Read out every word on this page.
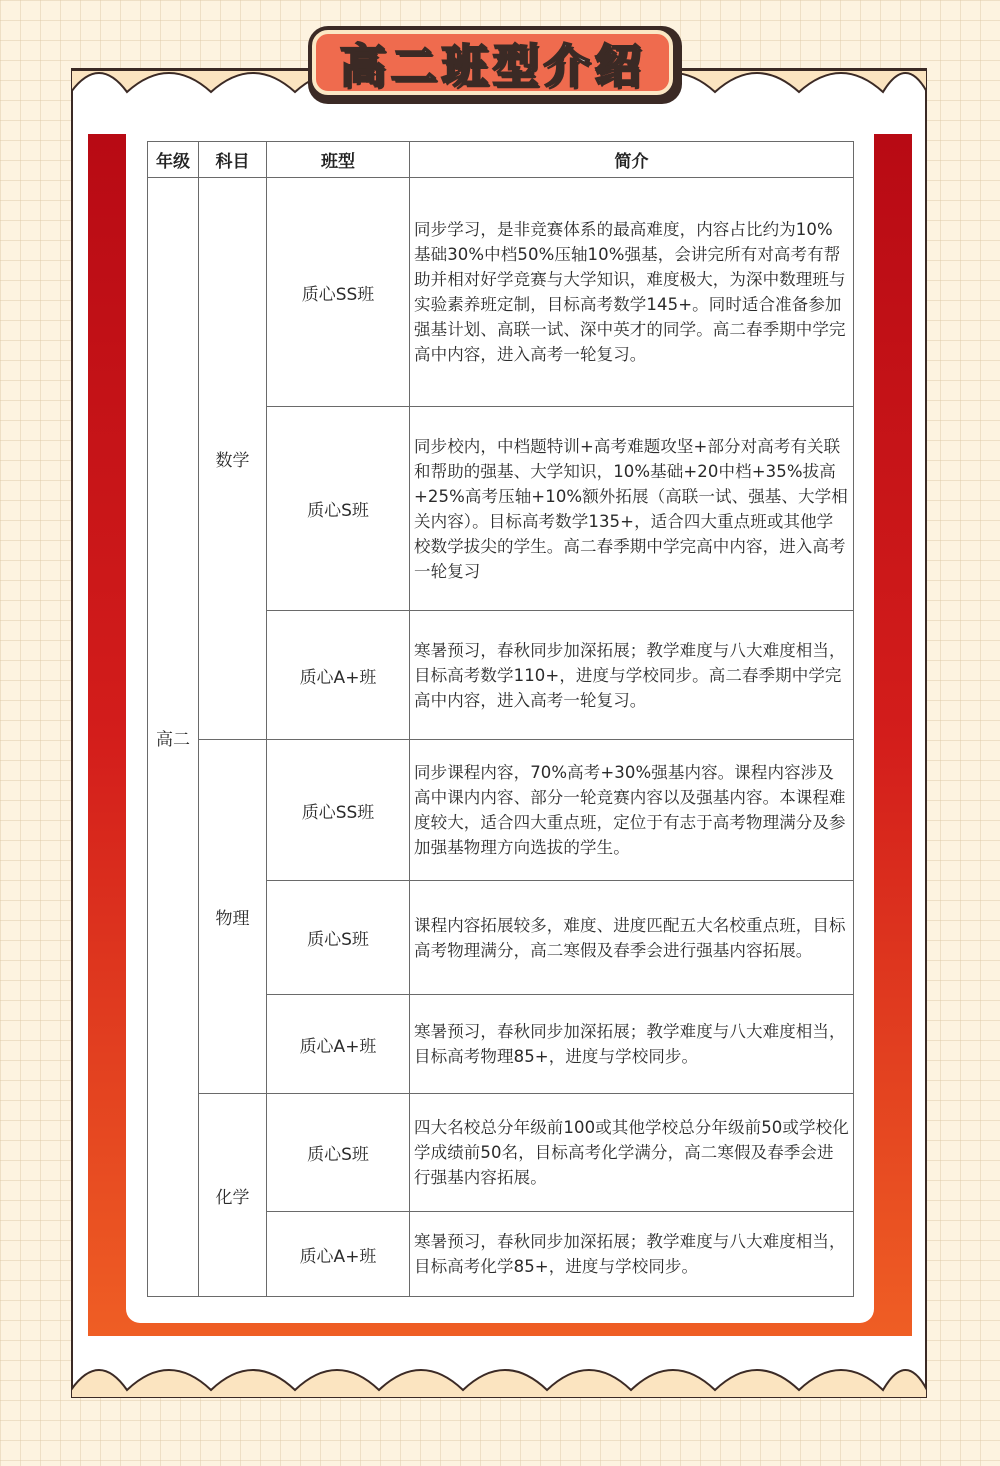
高二班型介绍
年级	科目	班型	简介
高二	数学	质心SS班	同步学习，是非竞赛体系的最高难度，内容占比约为10%基础30%中档50%压轴10%强基，会讲完所有对高考有帮助并相对好学竞赛与大学知识，难度极大，为深中数理班与实验素养班定制，目标高考数学145+。同时适合准备参加强基计划、高联一试、深中英才的同学。高二春季期中学完高中内容，进入高考一轮复习。
		质心S班	同步校内，中档题特训+高考难题攻坚+部分对高考有关联和帮助的强基、大学知识，10%基础+20中档+35%拔高+25%高考压轴+10%额外拓展（高联一试、强基、大学相关内容）。目标高考数学135+，适合四大重点班或其他学校数学拔尖的学生。高二春季期中学完高中内容，进入高考一轮复习
		质心A+班	寒暑预习，春秋同步加深拓展；教学难度与八大难度相当，目标高考数学110+，进度与学校同步。高二春季期中学完高中内容，进入高考一轮复习。
	物理	质心SS班	同步课程内容，70%高考+30%强基内容。课程内容涉及高中课内内容、部分一轮竞赛内容以及强基内容。本课程难度较大，适合四大重点班，定位于有志于高考物理满分及参加强基物理方向选拔的学生。
		质心S班	课程内容拓展较多，难度、进度匹配五大名校重点班，目标高考物理满分，高二寒假及春季会进行强基内容拓展。
		质心A+班	寒暑预习，春秋同步加深拓展；教学难度与八大难度相当，目标高考物理85+，进度与学校同步。
	化学	质心S班	四大名校总分年级前100或其他学校总分年级前50或学校化学成绩前50名，目标高考化学满分，高二寒假及春季会进行强基内容拓展。
		质心A+班	寒暑预习，春秋同步加深拓展；教学难度与八大难度相当，目标高考化学85+，进度与学校同步。
